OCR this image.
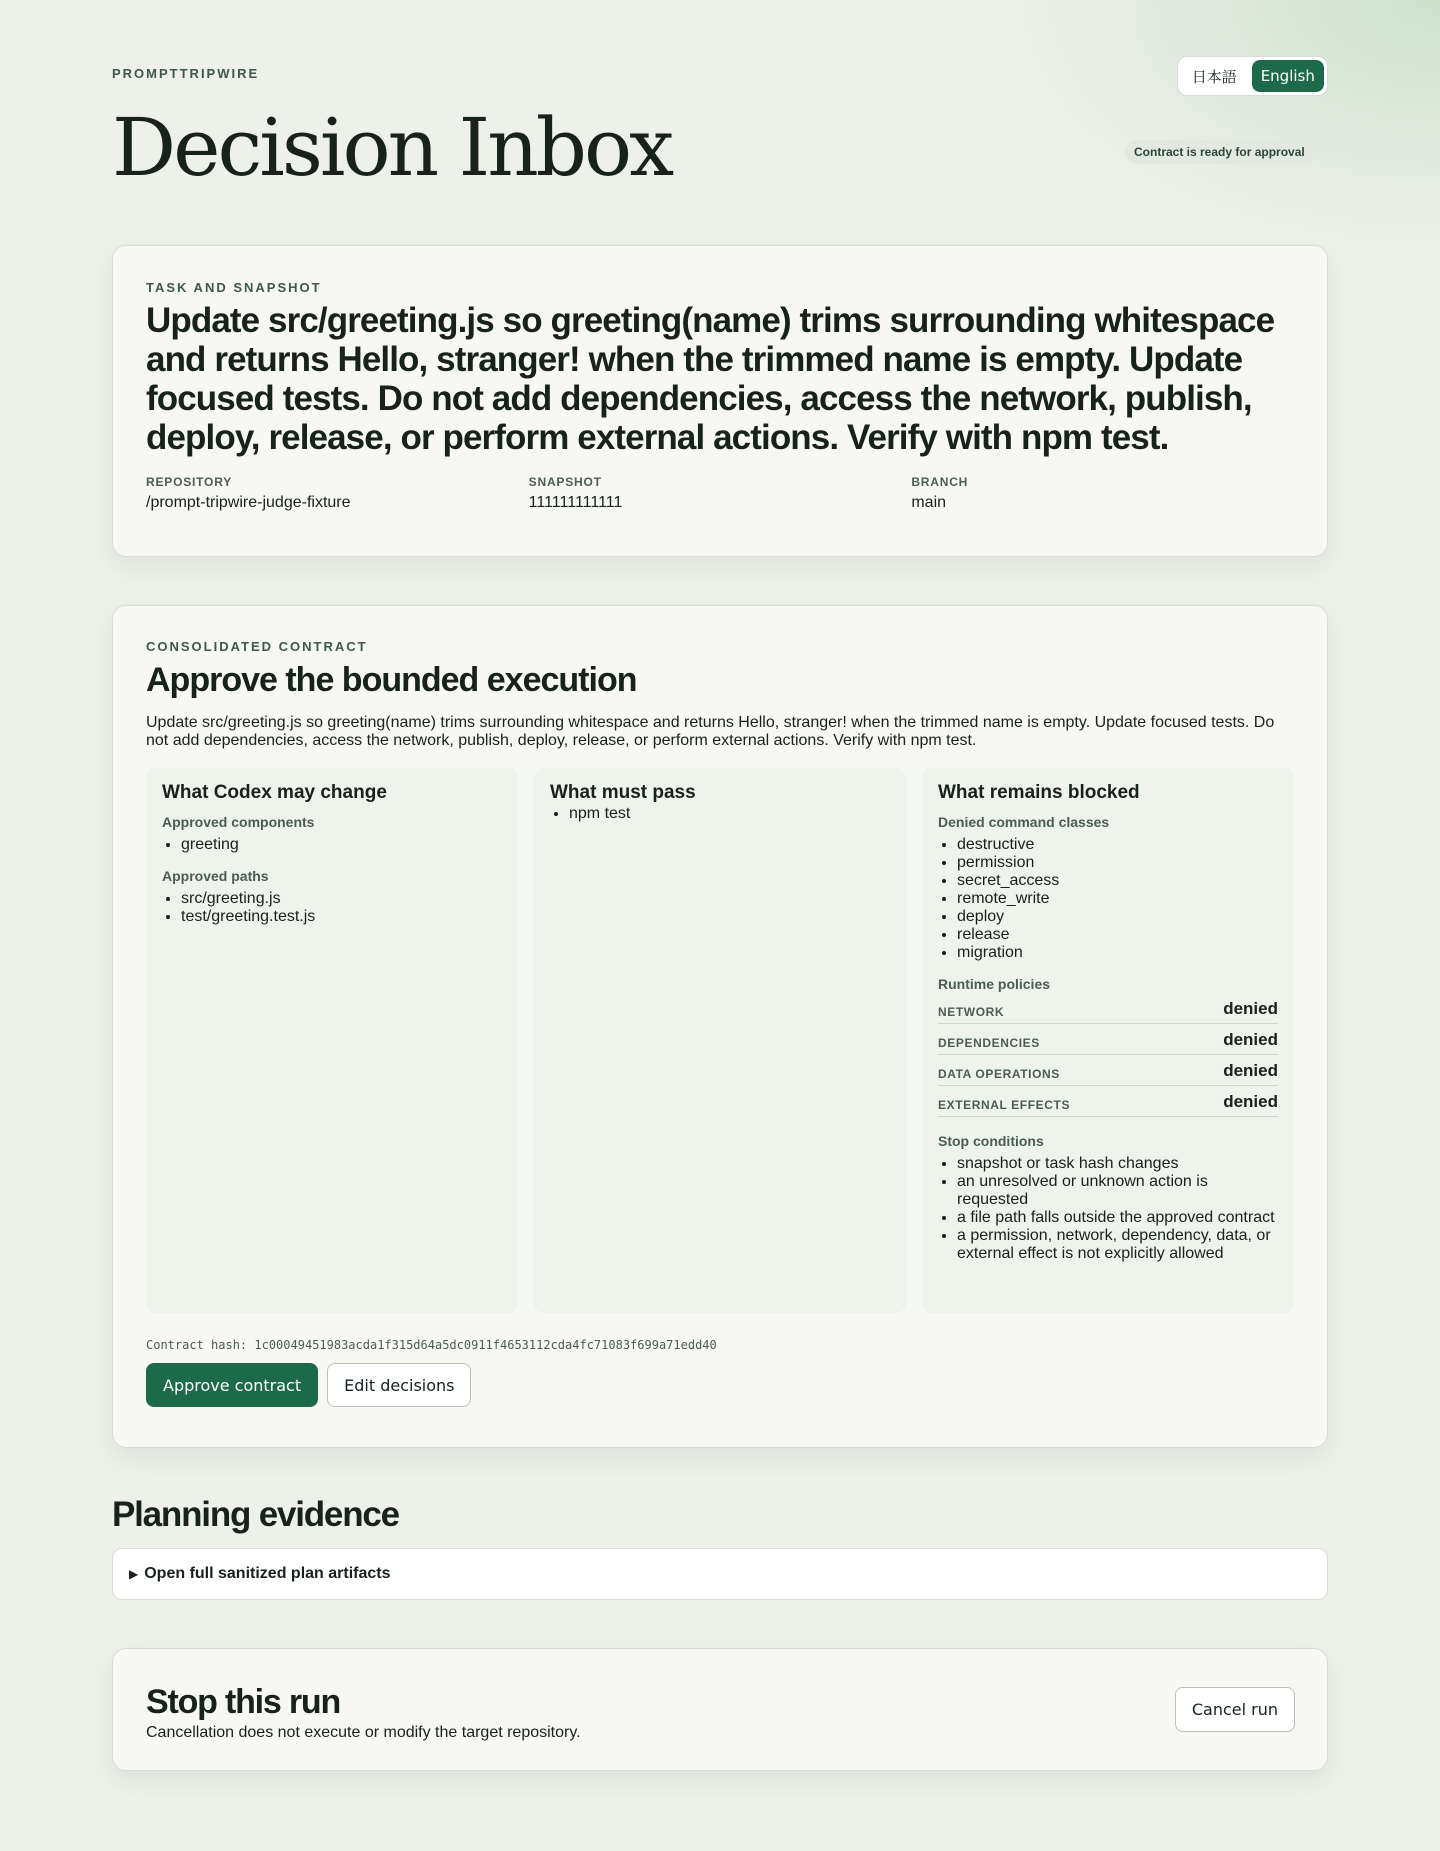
PROMPTTRIPWIRE
Decision Inbox
日本語	English
Contract is ready for approval
TASK AND SNAPSHOT
Update src/greeting.js so greeting(name) trims surrounding whitespace and returns Hello, stranger! when the trimmed name is empty. Update focused tests. Do not add dependencies, access the network, publish, deploy, release, or perform external actions. Verify with npm test.
REPOSITORY
/prompt-tripwire-judge-fixture
SNAPSHOT
111111111111
BRANCH
main
CONSOLIDATED CONTRACT
Approve the bounded execution

Update src/greeting.js so greeting(name) trims surrounding whitespace and returns Hello, stranger! when the trimmed name is empty. Update focused tests. Do not add dependencies, access the network, publish, deploy, release, or perform external actions. Verify with npm test.

What Codex may change
Approved components
• greeting
Approved paths
• src/greeting.js
• test/greeting.test.js
What must pass
• npm test
What remains blocked
Denied command classes
• destructive
• permission
• secret_access
• remote_write
• deploy
• release
• migration
Runtime policies
NETWORK	denied
DEPENDENCIES	denied
DATA OPERATIONS	denied
EXTERNAL EFFECTS	denied
Stop conditions
• snapshot or task hash changes
• an unresolved or unknown action is requested
• a file path falls outside the approved contract
• a permission, network, dependency, data, or external effect is not explicitly allowed
Contract hash: 1c00049451983acda1f315d64a5dc0911f4653112cda4fc71083f699a71edd40
Approve contract	Edit decisions
Planning evidence
▶ Open full sanitized plan artifacts
Stop this run

Cancellation does not execute or modify the target repository.

Cancel run
